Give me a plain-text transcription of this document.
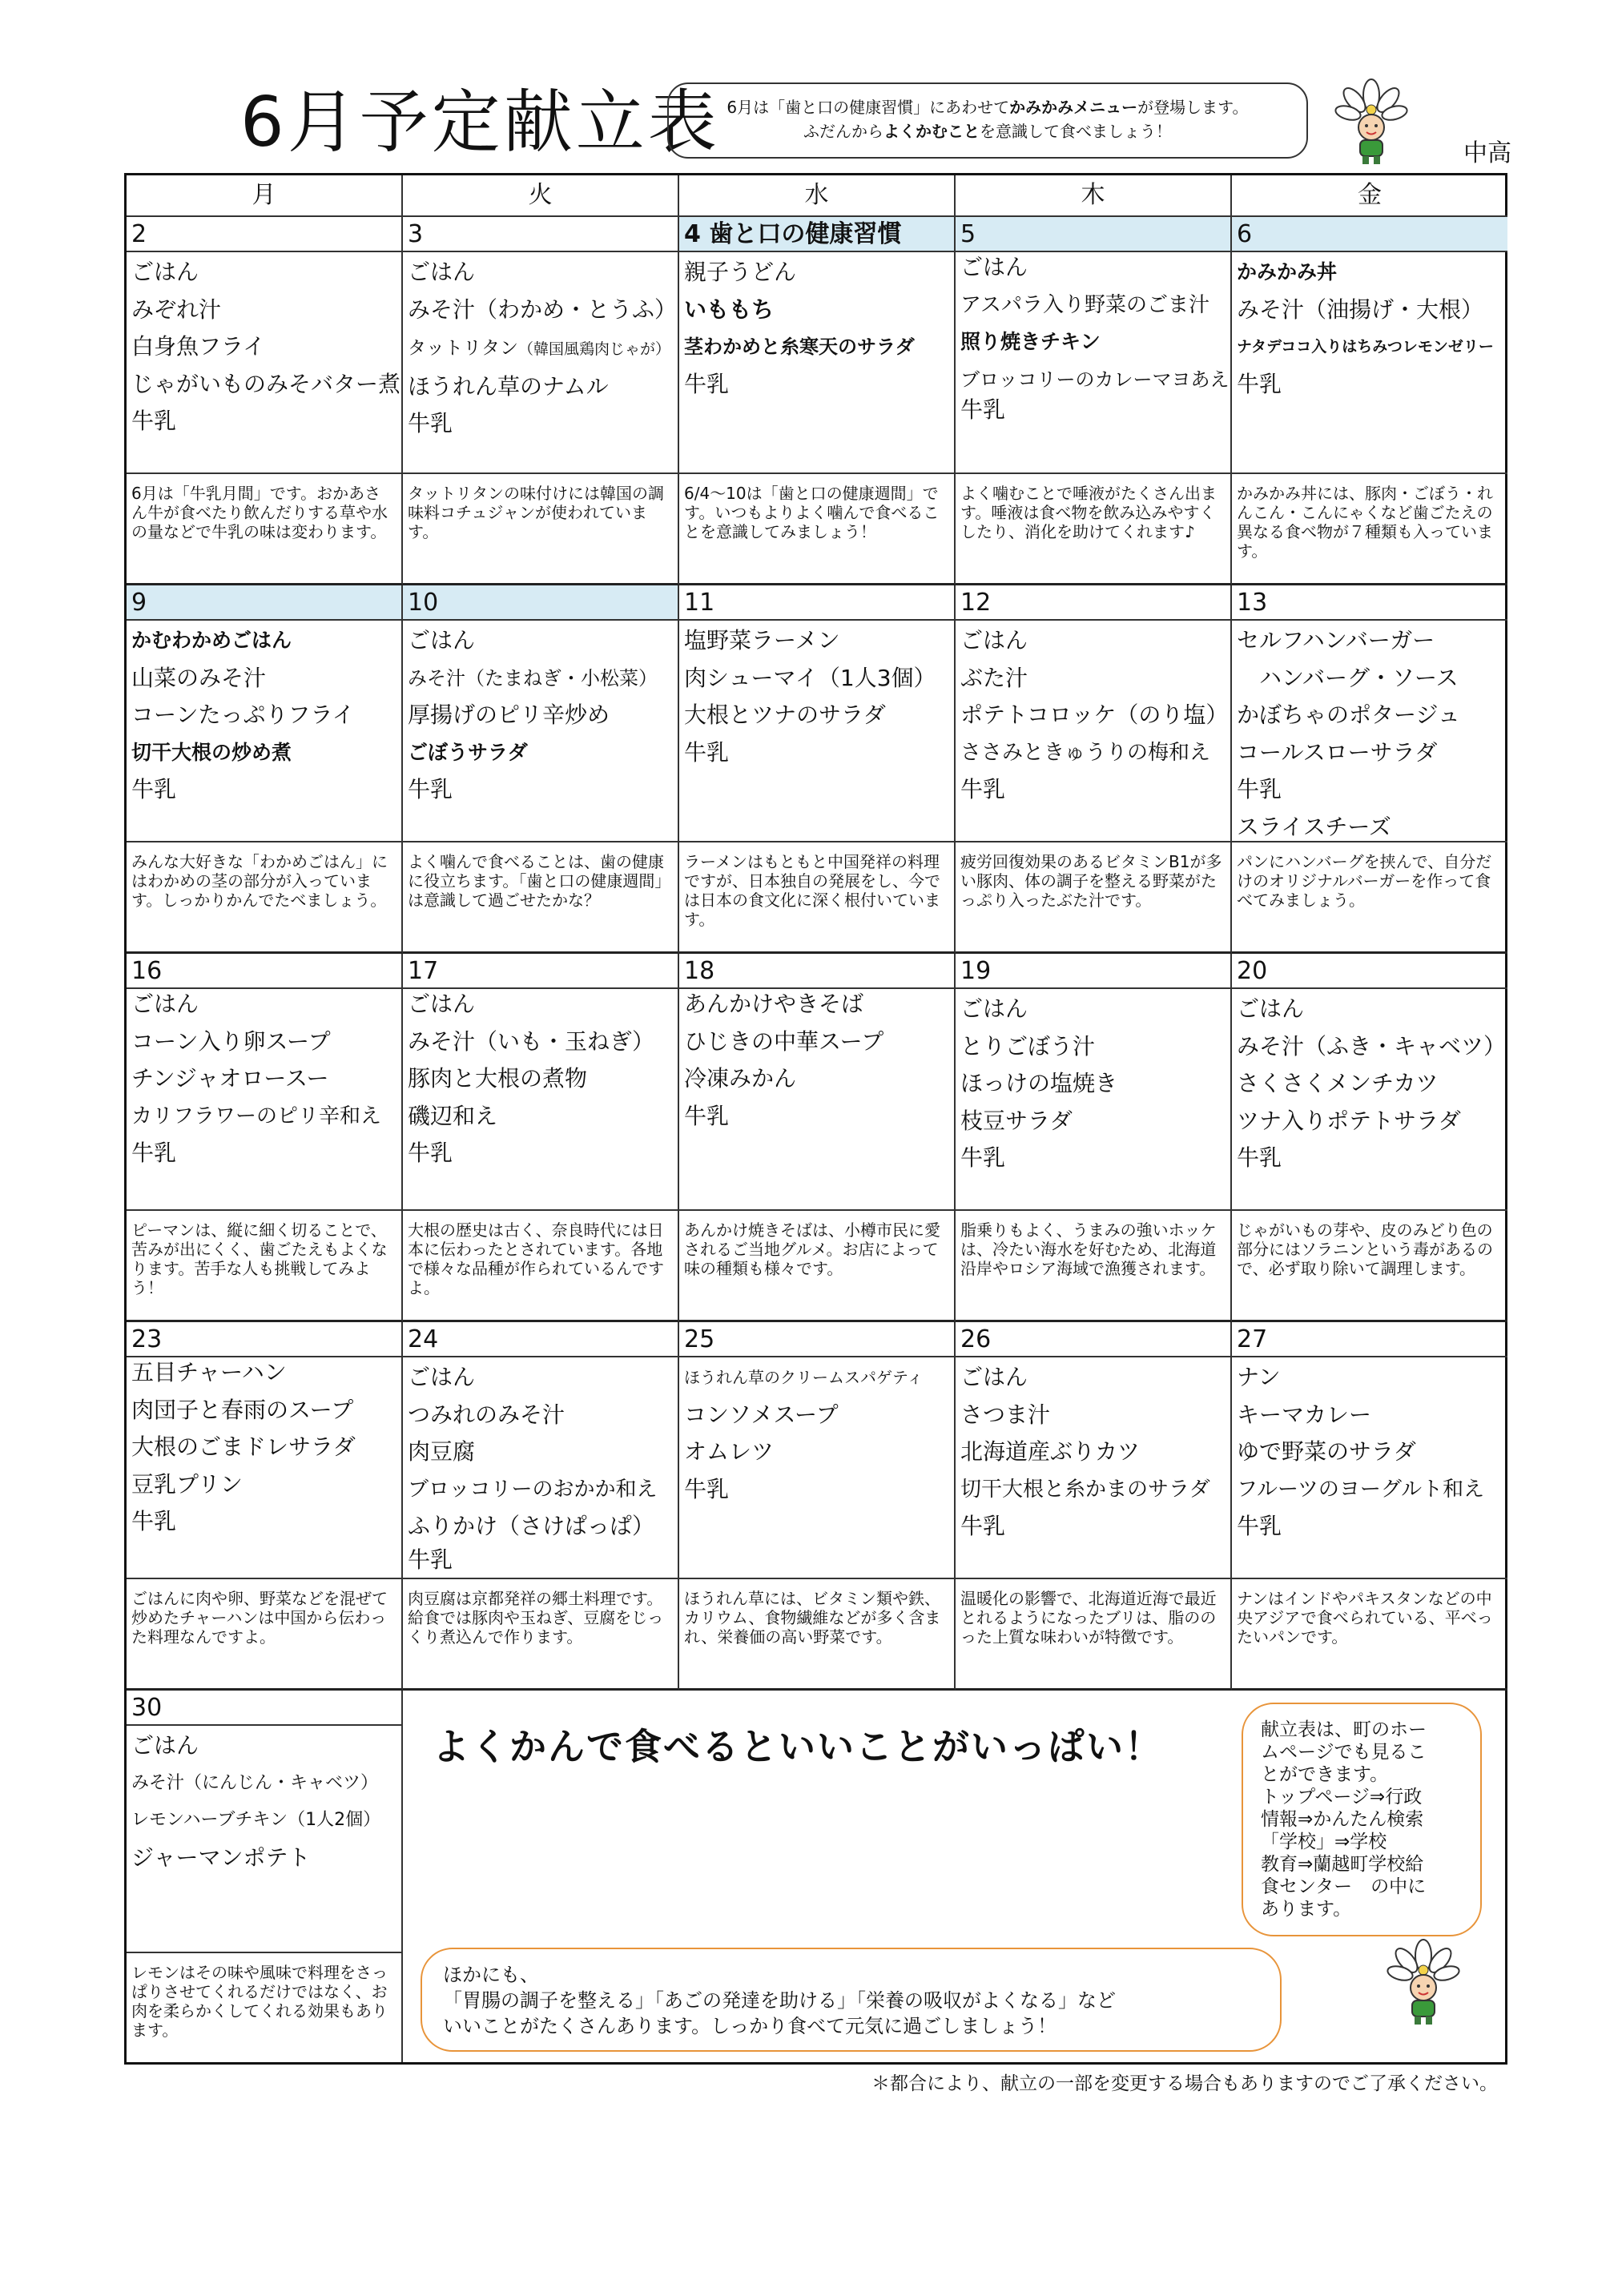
6月予定献立表 6月は「歯と口の健康習慣」にあわせてかみかみメニューが登場します。
ふだんからよくかむことを意識して食べましょう！
中高
月	火	水	木	金
2
ごはん
みぞれ汁
白身魚フライ
じゃがいものみそバター煮
牛乳
6月は「牛乳月間」です。おかあさん牛が食べたり飲んだりする草や水の量などで牛乳の味は変わります。
3
ごはん
みそ汁（わかめ・とうふ）
タットリタン（韓国風鶏肉じゃが）
ほうれん草のナムル
牛乳
タットリタンの味付けには韓国の調味料コチュジャンが使われています。
4 歯と口の健康習慣
親子うどん
いももち
茎わかめと糸寒天のサラダ
牛乳
6/4～10は「歯と口の健康週間」です。いつもよりよく噛んで食べることを意識してみましょう！
5
ごはん
アスパラ入り野菜のごま汁
照り焼きチキン
ブロッコリーのカレーマヨあえ
牛乳
よく噛むことで唾液がたくさん出ます。唾液は食べ物を飲み込みやすくしたり、消化を助けてくれます♪
6
かみかみ丼
みそ汁（油揚げ・大根）
ナタデココ入りはちみつレモンゼリー
牛乳
かみかみ丼には、豚肉・ごぼう・れんこん・こんにゃくなど歯ごたえの異なる食べ物が７種類も入っています。
9
かむわかめごはん
山菜のみそ汁
コーンたっぷりフライ
切干大根の炒め煮
牛乳
みんな大好きな「わかめごはん」にはわかめの茎の部分が入っています。しっかりかんでたべましょう。
10
ごはん
みそ汁（たまねぎ・小松菜）
厚揚げのピリ辛炒め
ごぼうサラダ
牛乳
よく噛んで食べることは、歯の健康に役立ちます。「歯と口の健康週間」は意識して過ごせたかな？
11
塩野菜ラーメン
肉シューマイ（1人3個）
大根とツナのサラダ
牛乳
ラーメンはもともと中国発祥の料理ですが、日本独自の発展をし、今では日本の食文化に深く根付いています。
12
ごはん
ぶた汁
ポテトコロッケ（のり塩）
ささみときゅうりの梅和え
牛乳
疲労回復効果のあるビタミンB1が多い豚肉、体の調子を整える野菜がたっぷり入ったぶた汁です。
13
セルフハンバーガー
ハンバーグ・ソース
かぼちゃのポタージュ
コールスローサラダ
牛乳
スライスチーズ
パンにハンバーグを挟んで、自分だけのオリジナルバーガーを作って食べてみましょう。
16
ごはん
コーン入り卵スープ
チンジャオロースー
カリフラワーのピリ辛和え
牛乳
ピーマンは、縦に細く切ることで、苦みが出にくく、歯ごたえもよくなります。苦手な人も挑戦してみよう！
17
ごはん
みそ汁（いも・玉ねぎ）
豚肉と大根の煮物
磯辺和え
牛乳
大根の歴史は古く、奈良時代には日本に伝わったとされています。各地で様々な品種が作られているんですよ。
18
あんかけやきそば
ひじきの中華スープ
冷凍みかん
牛乳
あんかけ焼きそばは、小樽市民に愛されるご当地グルメ。お店によって味の種類も様々です。
19
ごはん
とりごぼう汁
ほっけの塩焼き
枝豆サラダ
牛乳
脂乗りもよく、うまみの強いホッケは、冷たい海水を好むため、北海道沿岸やロシア海域で漁獲されます。
20
ごはん
みそ汁（ふき・キャベツ）
さくさくメンチカツ
ツナ入りポテトサラダ
牛乳
じゃがいもの芽や、皮のみどり色の部分にはソラニンという毒があるので、必ず取り除いて調理します。
23
五目チャーハン
肉団子と春雨のスープ
大根のごまドレサラダ
豆乳プリン
牛乳
ごはんに肉や卵、野菜などを混ぜて炒めたチャーハンは中国から伝わった料理なんですよ。
24
ごはん
つみれのみそ汁
肉豆腐
ブロッコリーのおかか和え
ふりかけ（さけぱっぱ）
牛乳
肉豆腐は京都発祥の郷土料理です。給食では豚肉や玉ねぎ、豆腐をじっくり煮込んで作ります。
25
ほうれん草のクリームスパゲティ
コンソメスープ
オムレツ
牛乳
ほうれん草には、ビタミン類や鉄、カリウム、食物繊維などが多く含まれ、栄養価の高い野菜です。
26
ごはん
さつま汁
北海道産ぶりカツ
切干大根と糸かまのサラダ
牛乳
温暖化の影響で、北海道近海で最近とれるようになったブリは、脂ののった上質な味わいが特徴です。
27
ナン
キーマカレー
ゆで野菜のサラダ
フルーツのヨーグルト和え
牛乳
ナンはインドやパキスタンなどの中央アジアで食べられている、平べったいパンです。
30
ごはん
みそ汁（にんじん・キャベツ）
レモンハーブチキン（1人2個）
ジャーマンポテト
レモンはその味や風味で料理をさっぱりさせてくれるだけではなく、お肉を柔らかくしてくれる効果もあります。
よくかんで食べるといいことがいっぱい！	献立表は、町のホー
ムページでも見るこ
とができます。
トップページ⇒行政
情報⇒かんたん検索
「学校」⇒学校
教育⇒蘭越町学校給
食センター　の中に
あります。
ほかにも、
「胃腸の調子を整える」「あごの発達を助ける」「栄養の吸収がよくなる」など
いいことがたくさんあります。しっかり食べて元気に過ごしましょう！
＊都合により、献立の一部を変更する場合もありますのでご了承ください。
